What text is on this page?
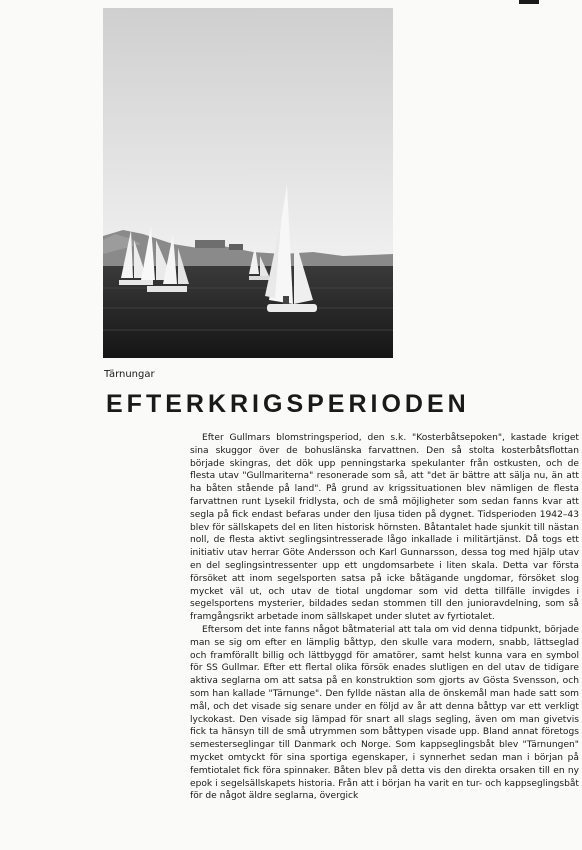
Tärnungar
EFTERKRIGSPERIODEN

Efter Gullmars blomstringsperiod, den s.k. "Kosterbåtsepoken", kastade kriget sina skuggor över de bohuslänska farvattnen. Den så stolta kosterbåtsflottan började skingras, det dök upp penningstarka spekulanter från ostkusten, och de flesta utav "Gullmariterna" resonerade som så, att "det är bättre att sälja nu, än att ha båten stående på land". På grund av krigssituationen blev nämligen de flesta farvattnen runt Lysekil fridlysta, och de små möjligheter som sedan fanns kvar att segla på fick endast befaras under den ljusa tiden på dygnet. Tidsperioden 1942–43 blev för sällskapets del en liten historisk hörnsten. Båtantalet hade sjunkit till nästan noll, de flesta aktivt seglingsintresserade lågo inkallade i militärtjänst. Då togs ett initiativ utav herrar Göte Andersson och Karl Gunnarsson, dessa tog med hjälp utav en del seglingsintressenter upp ett ungdomsarbete i liten skala. Detta var första försöket att inom segelsporten satsa på icke båtägande ungdomar, försöket slog mycket väl ut, och utav de tiotal ungdomar som vid detta tillfälle invigdes i segelsportens mysterier, bildades sedan stommen till den junioravdelning, som så framgångsrikt arbetade inom sällskapet under slutet av fyrtiotalet.

Eftersom det inte fanns något båtmaterial att tala om vid denna tidpunkt, började man se sig om efter en lämplig båttyp, den skulle vara modern, snabb, lättseglad och framförallt billig och lättbyggd för amatörer, samt helst kunna vara en symbol för SS Gullmar. Efter ett flertal olika försök enades slutligen en del utav de tidigare aktiva seglarna om att satsa på en konstruktion som gjorts av Gösta Svensson, och som han kallade "Tärnunge". Den fyllde nästan alla de önskemål man hade satt som mål, och det visade sig senare under en följd av år att denna båttyp var ett verkligt lyckokast. Den visade sig lämpad för snart all slags segling, även om man givetvis fick ta hänsyn till de små utrymmen som båttypen visade upp. Bland annat företogs semesterseglingar till Danmark och Norge. Som kappseglingsbåt blev "Tärnungen" mycket omtyckt för sina sportiga egenskaper, i synnerhet sedan man i början på femtiotalet fick föra spinnaker. Båten blev på detta vis den direkta orsaken till en ny epok i segelsällskapets historia. Från att i början ha varit en tur- och kappseglingsbåt för de något äldre seglarna, övergick
